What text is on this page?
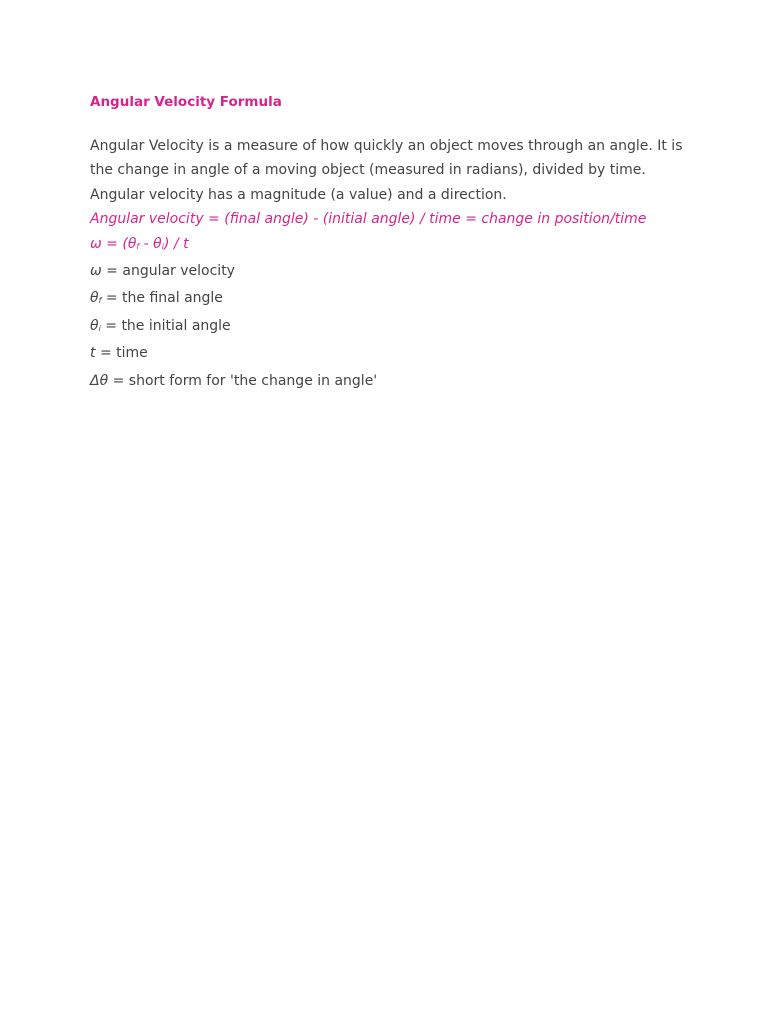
Angular Velocity Formula

Angular Velocity is a measure of how quickly an object moves through an angle. It is the change in angle of a moving object (measured in radians), divided by time. Angular velocity has a magnitude (a value) and a direction.

Angular velocity = (final angle) - (initial angle) / time = change in position/time
ω = (θf - θi) / t
ω = angular velocity
θf = the final angle
θi = the initial angle
t = time
Δθ = short form for 'the change in angle'
